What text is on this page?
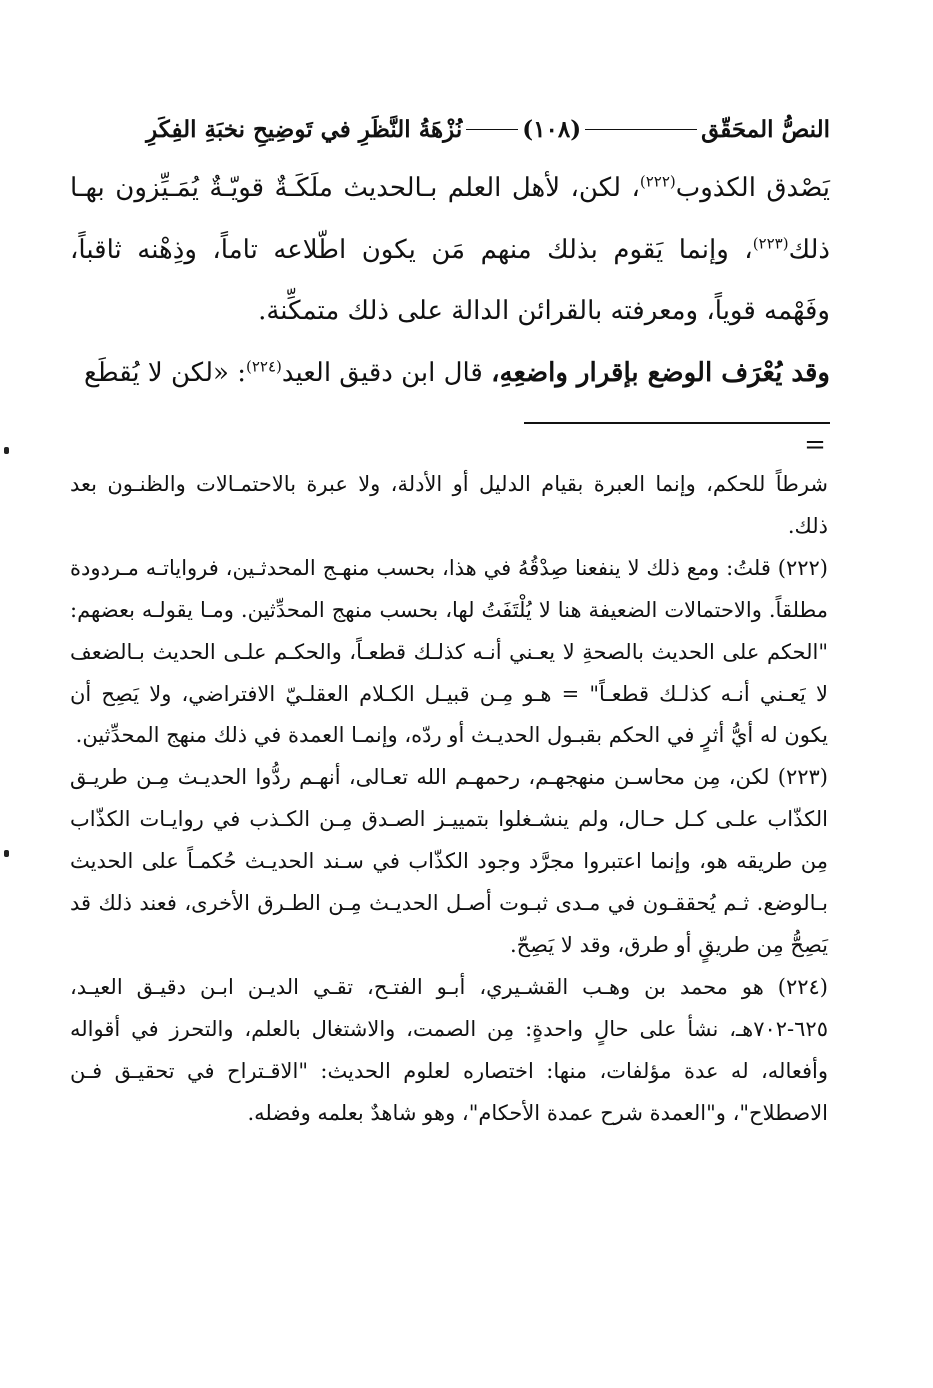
النصُّ المحَقّق
(١٠٨)
نُزْهَةُ النَّظَرِ في تَوضِيحِ نخبَةِ الفِكَرِ

يَصْدق الكذوب$^{(٢٢٢)}$، لكن، لأهل العلم بـالحديث ملَكَـةٌ قويّـةٌ يُمَـيِّزون بهـا ذلك$^{(٢٢٣)}$، وإنما يَقوم بذلك منهم مَن يكون اطّلاعه تاماً، وذِهْنه ثاقباً، وفَهْمه قوياً، ومعرفته بالقرائن الدالة على ذلك متمكِّنة.

وقد يُعْرَف الوضع بإقرار واضعِهِ، قال ابن دقيق العيد$^{(٢٢٤)}$: «لكن لا يُقطَع

=

شرطاً للحكم، وإنما العبرة بقيام الدليل أو الأدلة، ولا عبرة بالاحتمـالات والظنـون بعد ذلك.

(٢٢٢) قلتُ: ومع ذلك لا ينفعنا صِدْقُهُ في هذا، بحسب منهـج المحدثـين، فرواياتـه مـردودة مطلقاً. والاحتمالات الضعيفة هنا لا يُلْتَفَتُ لها، بحسب منهج المحدِّثين. ومـا يقولـه بعضهم: "الحكم على الحديث بالصحةِ لا يعـني أنـه كذلـك قطعـاً، والحكـم علـى الحديث بـالضعف لا يَعـني أنـه كذلـك قطعـاً" = هـو مِـن قبيـل الكـلام العقلـيّ الافتراضي، ولا يَصِح أن يكون له أيُّ أثرٍ في الحكم بقبـول الحديـث أو ردّه، وإنمـا العمدة في ذلك منهج المحدِّثين.

(٢٢٣) لكن، مِن محاسـن منهجهـم، رحمهـم الله تعـالى، أنهـم ردُّوا الحديـث مِـن طريـق الكذّاب علـى كـل حـال، ولم ينشـغلوا بتمييـز الصـدق مِـن الكـذب في روايـات الكذّاب مِن طريقه هو، وإنما اعتبروا مجرَّد وجود الكذّاب في سـند الحديـث حُكمـاً على الحديث بـالوضع. ثـم يُحققـون في مـدى ثبـوت أصـل الحديـث مِـن الطـرق الأخرى، فعند ذلك قد يَصِحُّ مِن طريقٍ أو طرق، وقد لا يَصِحّ.

(٢٢٤) هو محمد بن وهـب القشـيري، أبـو الفتـح، تقـي الديـن ابـن دقيـق العيـد، ٦٢٥-٧٠٢هـ، نشأ على حالٍ واحدةٍ: مِن الصمت، والاشتغال بالعلم، والتحرز في أقواله وأفعاله، له عدة مؤلفات، منها: اختصاره لعلوم الحديث: "الاقـتراح في تحقيـق فـن الاصطلاح"، و"العمدة شرح عمدة الأحكام"، وهو شاهدٌ بعلمه وفضله.
